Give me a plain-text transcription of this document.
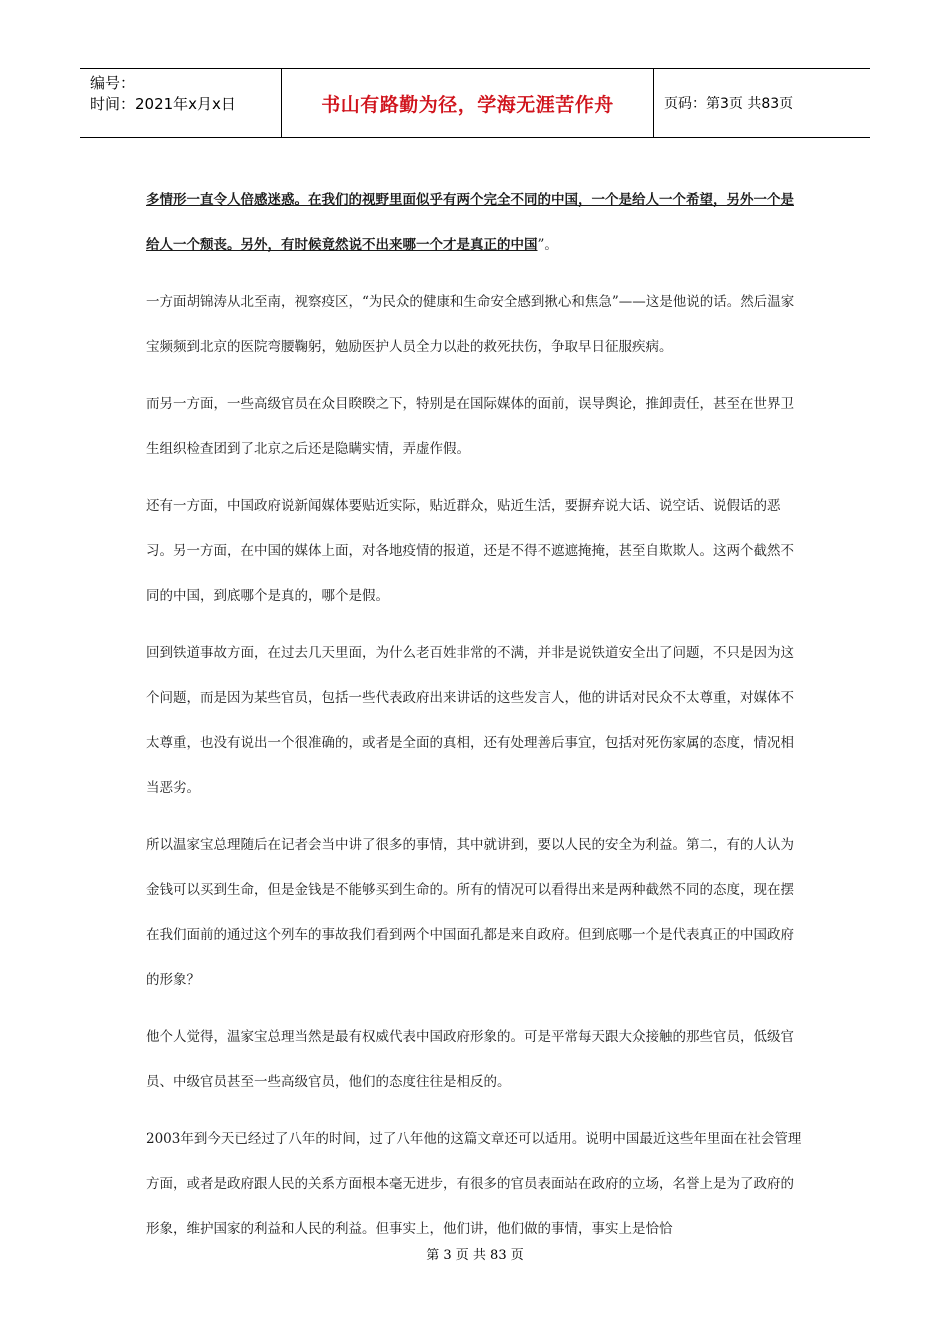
编号：
时间：2021年x月x日	书山有路勤为径，学海无涯苦作舟	页码：第3页 共83页

多情形一直令人倍感迷惑。在我们的视野里面似乎有两个完全不同的中国，一个是给人一个希望，另外一个是给人一个颓丧。另外，有时候竟然说不出来哪一个才是真正的中国”。

一方面胡锦涛从北至南，视察疫区，“为民众的健康和生命安全感到揪心和焦急”——这是他说的话。然后温家宝频频到北京的医院弯腰鞠躬，勉励医护人员全力以赴的救死扶伤，争取早日征服疾病。

而另一方面，一些高级官员在众目睽睽之下，特别是在国际媒体的面前，误导舆论，推卸责任，甚至在世界卫生组织检查团到了北京之后还是隐瞒实情，弄虚作假。

还有一方面，中国政府说新闻媒体要贴近实际，贴近群众，贴近生活，要摒弃说大话、说空话、说假话的恶习。另一方面，在中国的媒体上面，对各地疫情的报道，还是不得不遮遮掩掩，甚至自欺欺人。这两个截然不同的中国，到底哪个是真的，哪个是假。

回到铁道事故方面，在过去几天里面，为什么老百姓非常的不满，并非是说铁道安全出了问题，不只是因为这个问题，而是因为某些官员，包括一些代表政府出来讲话的这些发言人，他的讲话对民众不太尊重，对媒体不太尊重，也没有说出一个很准确的，或者是全面的真相，还有处理善后事宜，包括对死伤家属的态度，情况相当恶劣。

所以温家宝总理随后在记者会当中讲了很多的事情，其中就讲到，要以人民的安全为利益。第二，有的人认为金钱可以买到生命，但是金钱是不能够买到生命的。所有的情况可以看得出来是两种截然不同的态度，现在摆在我们面前的通过这个列车的事故我们看到两个中国面孔都是来自政府。但到底哪一个是代表真正的中国政府的形象？

他个人觉得，温家宝总理当然是最有权威代表中国政府形象的。可是平常每天跟大众接触的那些官员，低级官员、中级官员甚至一些高级官员，他们的态度往往是相反的。

2003年到今天已经过了八年的时间，过了八年他的这篇文章还可以适用。说明中国最近这些年里面在社会管理方面，或者是政府跟人民的关系方面根本毫无进步，有很多的官员表面站在政府的立场，名誉上是为了政府的形象，维护国家的利益和人民的利益。但事实上，他们讲，他们做的事情，事实上是恰恰

第 3 页 共 83 页
